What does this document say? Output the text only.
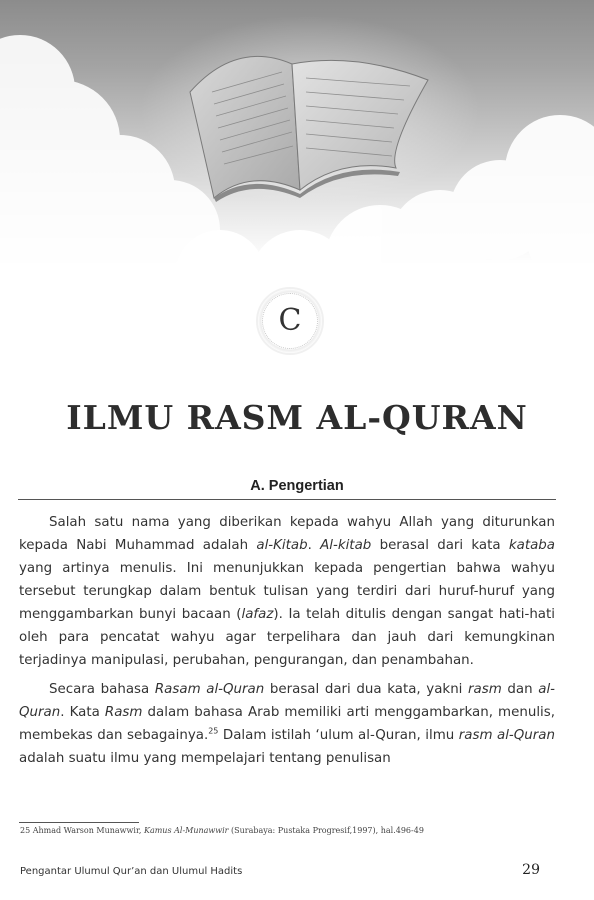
C
ILMU RASM AL-QURAN
A. Pengertian

Salah satu nama yang diberikan kepada wahyu Allah yang diturunkan kepada Nabi Muhammad adalah al-Kitab. Al-kitab berasal dari kata kataba yang artinya menulis. Ini menunjukkan kepada pengertian bahwa wahyu tersebut terungkap dalam bentuk tulisan yang terdiri dari huruf-huruf yang menggambarkan bunyi bacaan (lafaz). Ia telah ditulis dengan sangat hati-hati oleh para pencatat wahyu agar terpelihara dan jauh dari kemungkinan terjadinya manipulasi, perubahan, pengurangan, dan penambahan.

Secara bahasa Rasam al-Quran berasal dari dua kata, yakni rasm dan al-Quran. Kata Rasm dalam bahasa Arab memiliki arti menggambarkan, menulis, membekas dan sebagainya.$^{25}$ Dalam istilah ‘ulum al-Quran, ilmu rasm al-Quran adalah suatu ilmu yang mempelajari tentang penulisan

25 Ahmad Warson Munawwir, Kamus Al-Munawwir (Surabaya: Pustaka Progresif,1997), hal.496-49
Pengantar Ulumul Qur’an dan Ulumul Hadits	29
